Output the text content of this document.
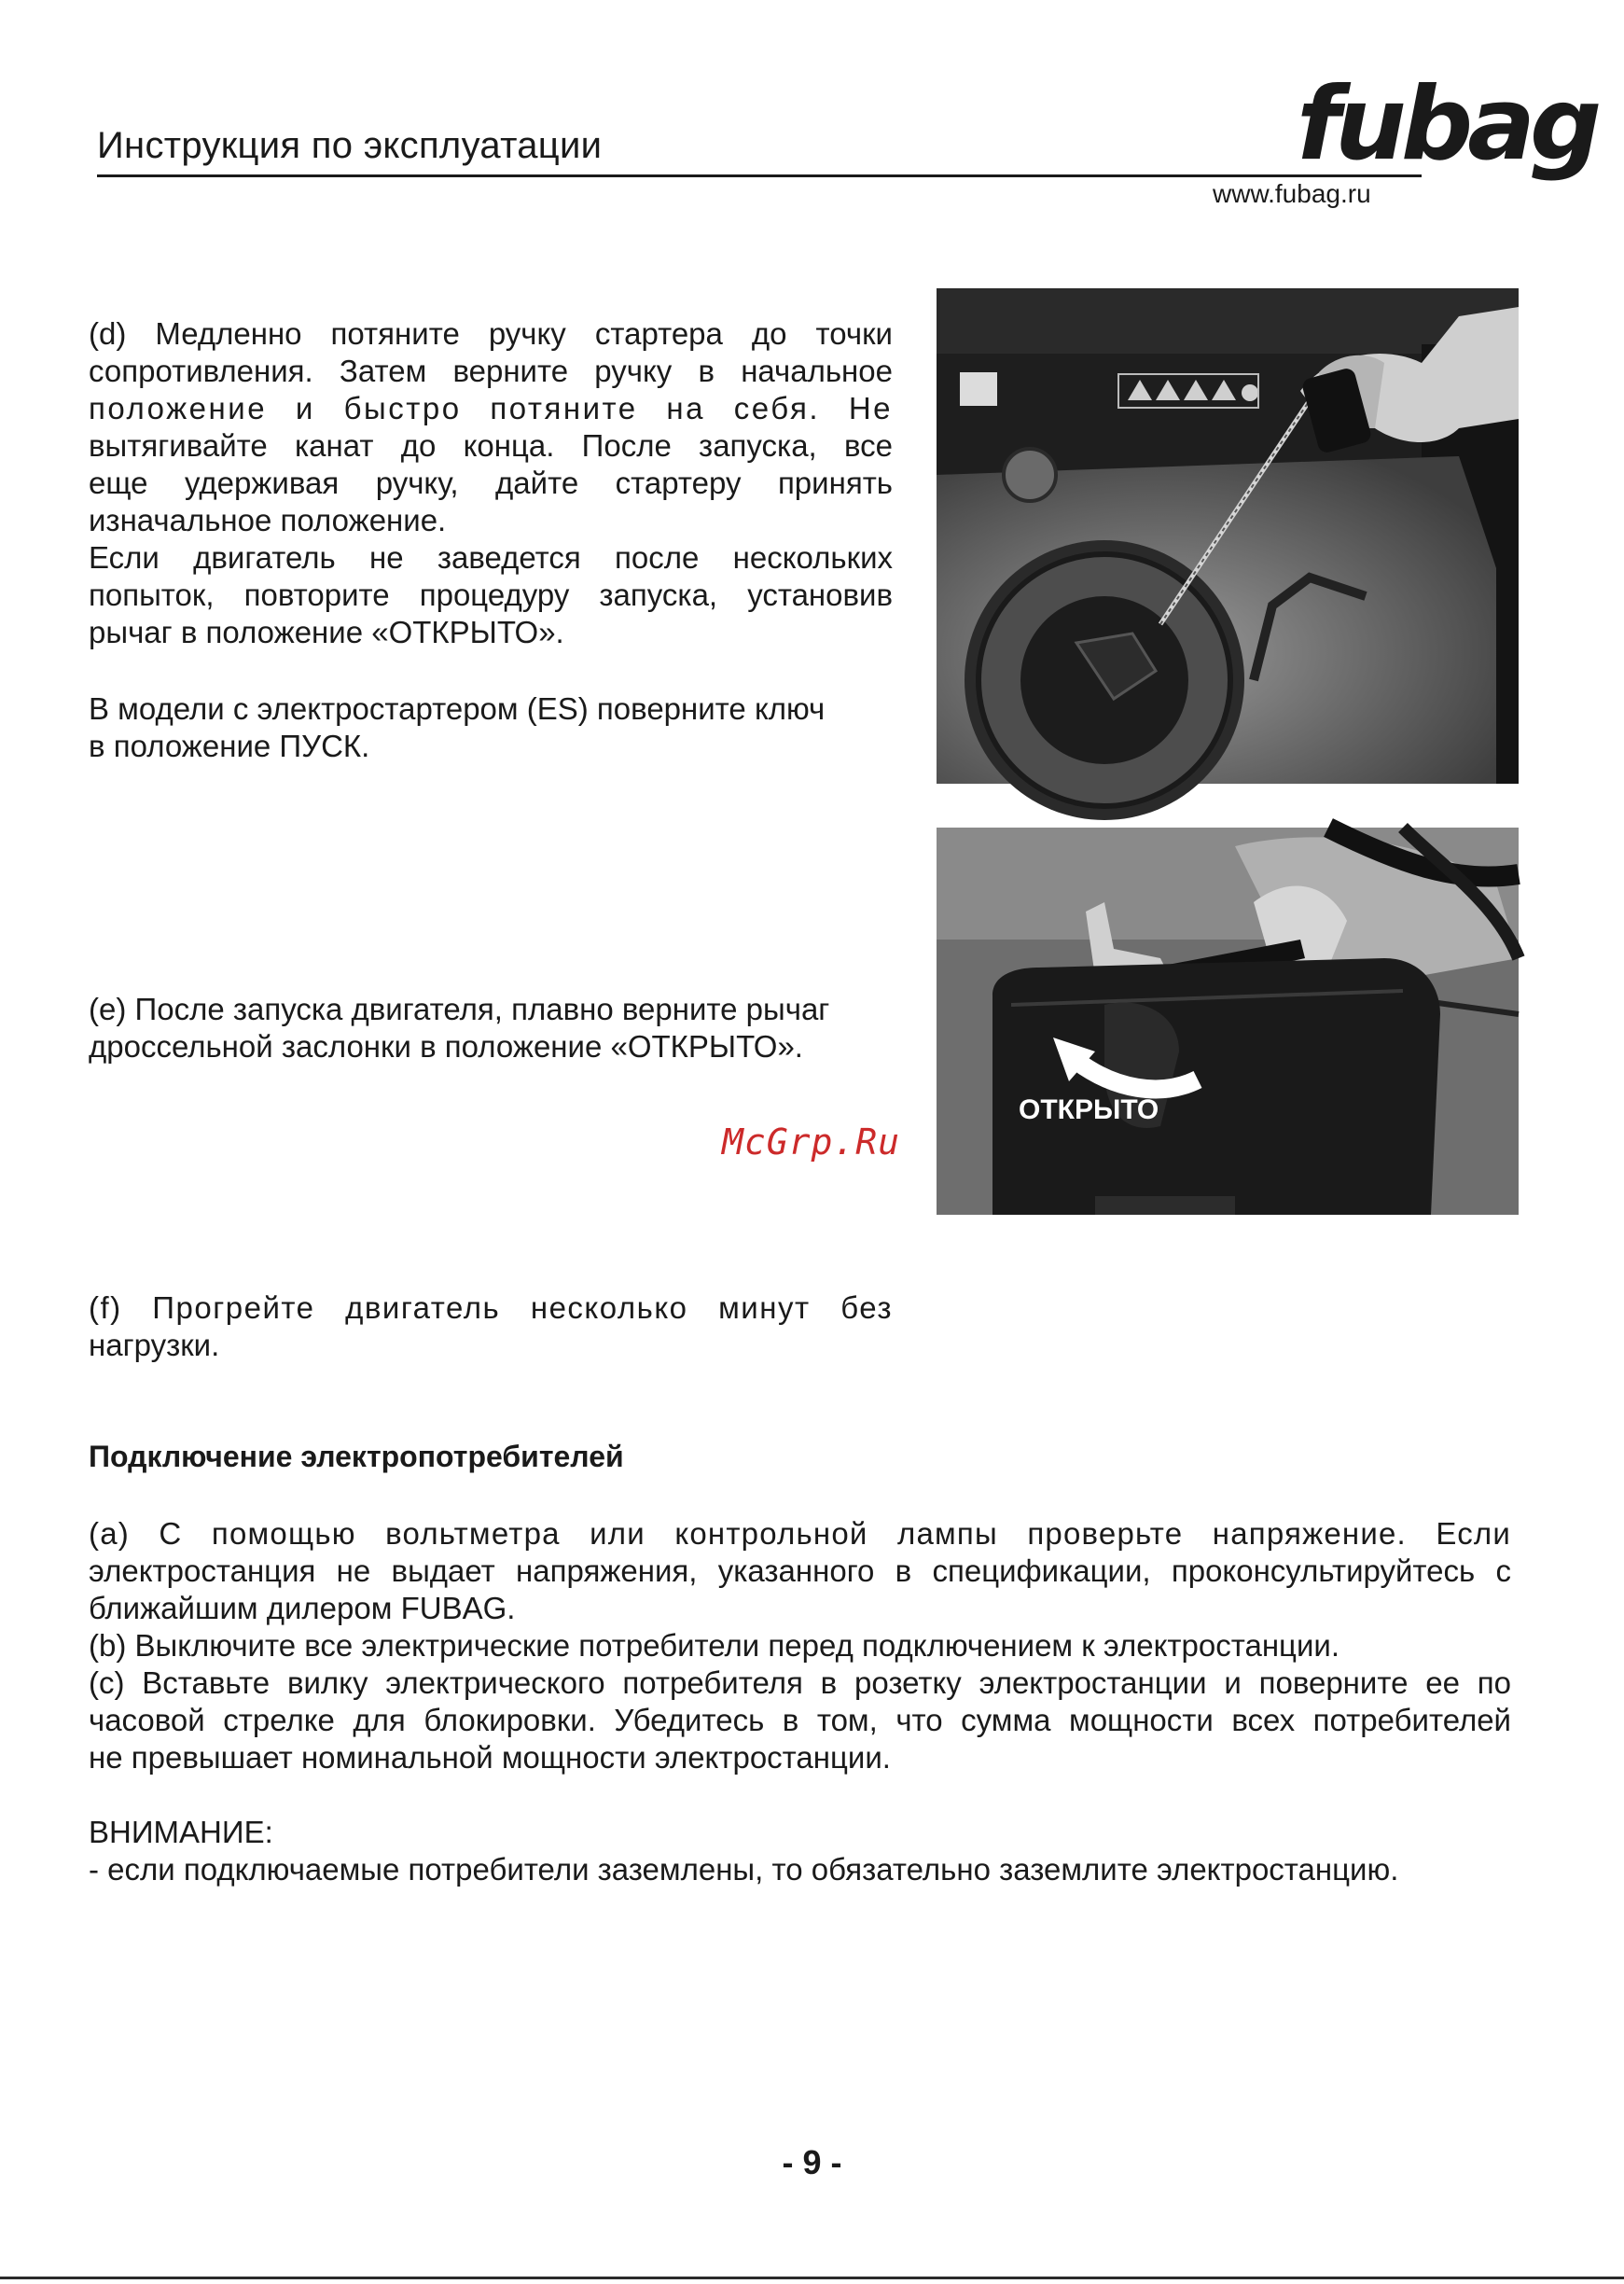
Инструкция по эксплуатации	fubag
www.fubag.ru
(d) Медленно потяните ручку стартера до точки
сопротивления. Затем верните ручку в начальное
положение и быстро потяните на себя. Не
вытягивайте канат до конца. После запуска, все
еще удерживая ручку, дайте стартеру принять
изначальное положение.
Если двигатель не заведется после нескольких
попыток, повторите процедуру запуска, установив
рычаг в положение «ОТКРЫТО».
В модели с электростартером (ES) поверните ключ
в положение ПУСК.
(e) После запуска двигателя, плавно верните рычаг
дроссельной заслонки в положение «ОТКРЫТО».
McGrp.Ru
ОТКРЫТО
(f) Прогрейте двигатель несколько минут без
нагрузки.
Подключение электропотребителей
(a) С помощью вольтметра или контрольной лампы проверьте напряжение. Если
электростанция не выдает напряжения, указанного в спецификации, проконсультируйтесь с
ближайшим дилером FUBAG.
(b) Выключите все электрические потребители перед подключением к электростанции.
(c) Вставьте вилку электрического потребителя в розетку электростанции и поверните ее по
часовой стрелке для блокировки. Убедитесь в том, что сумма мощности всех потребителей
не превышает номинальной мощности электростанции.
ВНИМАНИЕ:
- если подключаемые потребители заземлены, то обязательно заземлите электростанцию.
- 9 -
